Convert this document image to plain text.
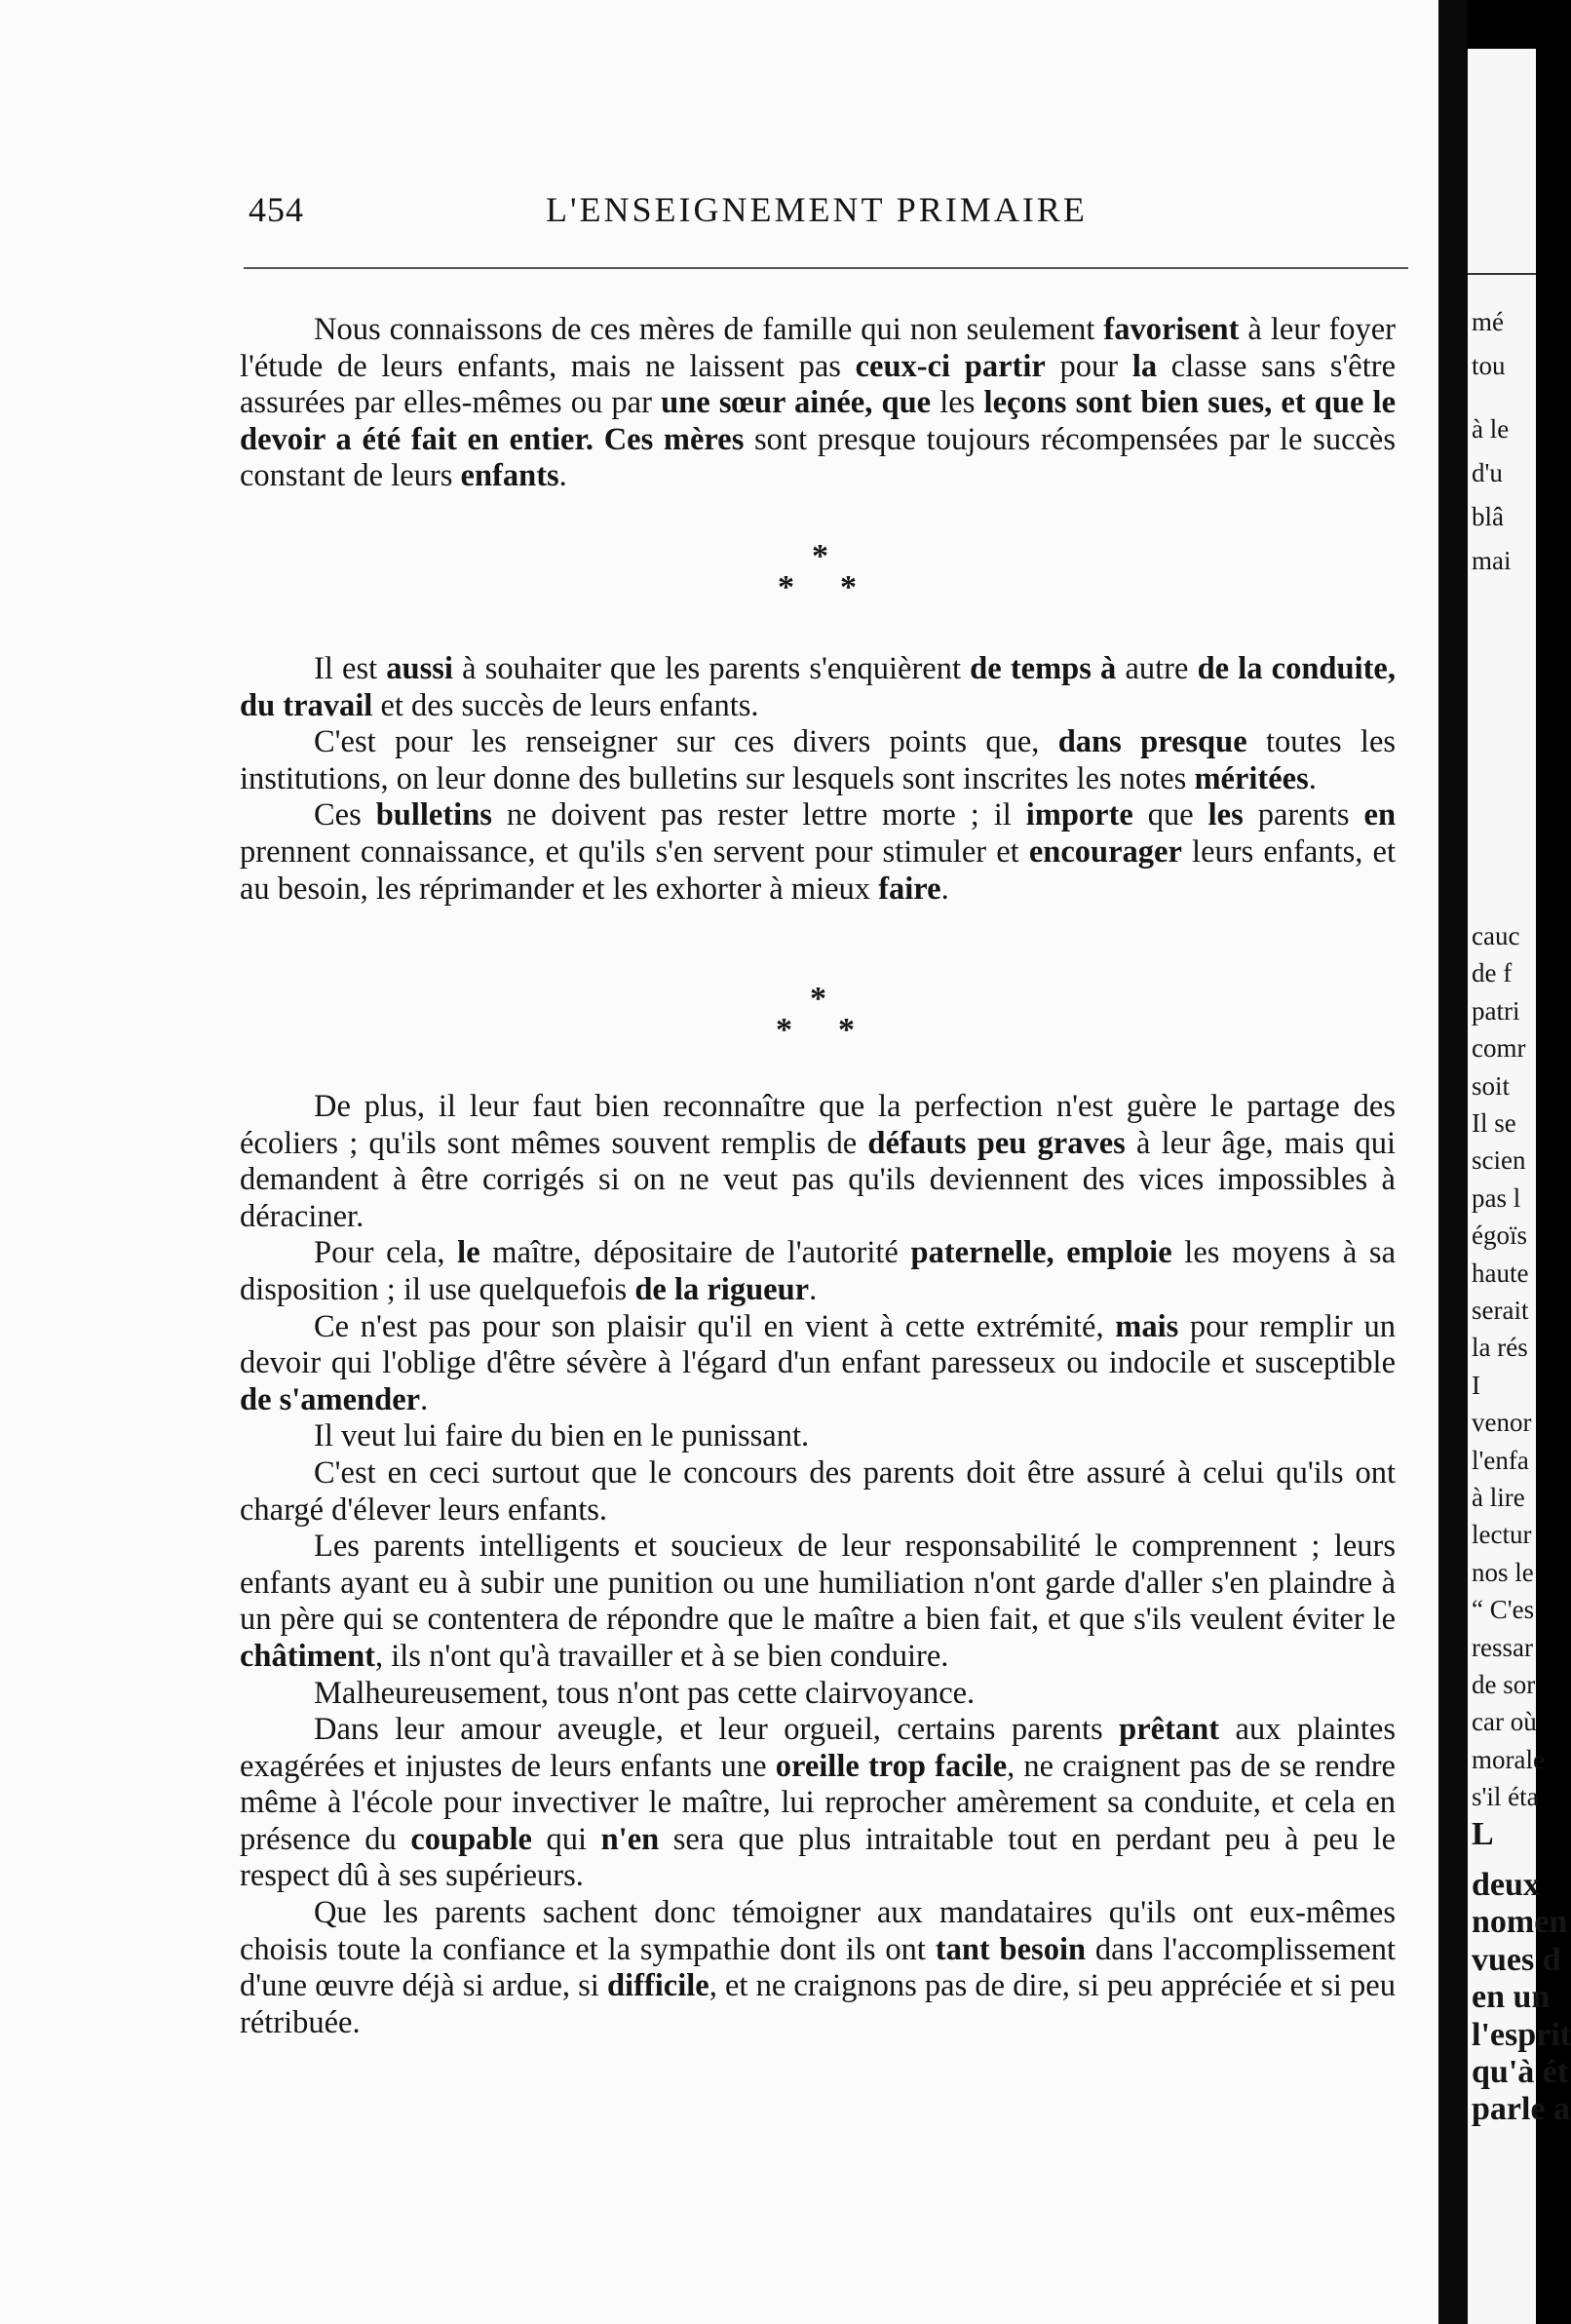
454	L'ENSEIGNEMENT PRIMAIRE

Nous connaissons de ces mères de famille qui non seulement favorisent à leur foyer l'étude de leurs enfants, mais ne laissent pas ceux-ci partir pour la classe sans s'être assurées par elles-mêmes ou par une sœur ainée, que les leçons sont bien sues, et que le devoir a été fait en entier. Ces mères sont presque toujours récompensées par le succès constant de leurs enfants.

*
* *

Il est aussi à souhaiter que les parents s'enquièrent de temps à autre de la conduite, du travail et des succès de leurs enfants.

C'est pour les renseigner sur ces divers points que, dans presque toutes les institutions, on leur donne des bulletins sur lesquels sont inscrites les notes méritées.

Ces bulletins ne doivent pas rester lettre morte ; il importe que les parents en prennent connaissance, et qu'ils s'en servent pour stimuler et encourager leurs enfants, et au besoin, les réprimander et les exhorter à mieux faire.

*
* *

De plus, il leur faut bien reconnaître que la perfection n'est guère le partage des écoliers ; qu'ils sont mêmes souvent remplis de défauts peu graves à leur âge, mais qui demandent à être corrigés si on ne veut pas qu'ils deviennent des vices impossibles à déraciner.

Pour cela, le maître, dépositaire de l'autorité paternelle, emploie les moyens à sa disposition ; il use quelquefois de la rigueur.

Ce n'est pas pour son plaisir qu'il en vient à cette extrémité, mais pour remplir un devoir qui l'oblige d'être sévère à l'égard d'un enfant paresseux ou indocile et susceptible de s'amender.

Il veut lui faire du bien en le punissant.

C'est en ceci surtout que le concours des parents doit être assuré à celui qu'ils ont chargé d'élever leurs enfants.

Les parents intelligents et soucieux de leur responsabilité le comprennent ; leurs enfants ayant eu à subir une punition ou une humiliation n'ont garde d'aller s'en plaindre à un père qui se contentera de répondre que le maître a bien fait, et que s'ils veulent éviter le châtiment, ils n'ont qu'à travailler et à se bien conduire.

Malheureusement, tous n'ont pas cette clairvoyance.

Dans leur amour aveugle, et leur orgueil, certains parents prêtant aux plaintes exagérées et injustes de leurs enfants une oreille trop facile, ne craignent pas de se rendre même à l'école pour invectiver le maître, lui reprocher amèrement sa conduite, et cela en présence du coupable qui n'en sera que plus intraitable tout en perdant peu à peu le respect dû à ses supérieurs.

Que les parents sachent donc témoigner aux mandataires qu'ils ont eux-mêmes choisis toute la confiance et la sympathie dont ils ont tant besoin dans l'accomplissement d'une œuvre déjà si ardue, si difficile, et ne craignons pas de dire, si peu appréciée et si peu rétribuée.

mé
tou
à le
d'u
blâ
mai
cauc
de f
patri
comr
soit
Il se
scien
pas l
égoïs
haute
serait
la rés
I
venor
l'enfa
à lire
lectur
nos le
“ C'es
ressar
de sor
car où
morale
s'il éta
L
deux
nomen
vues d
en un
l'esprit
qu'à ét
parle a
